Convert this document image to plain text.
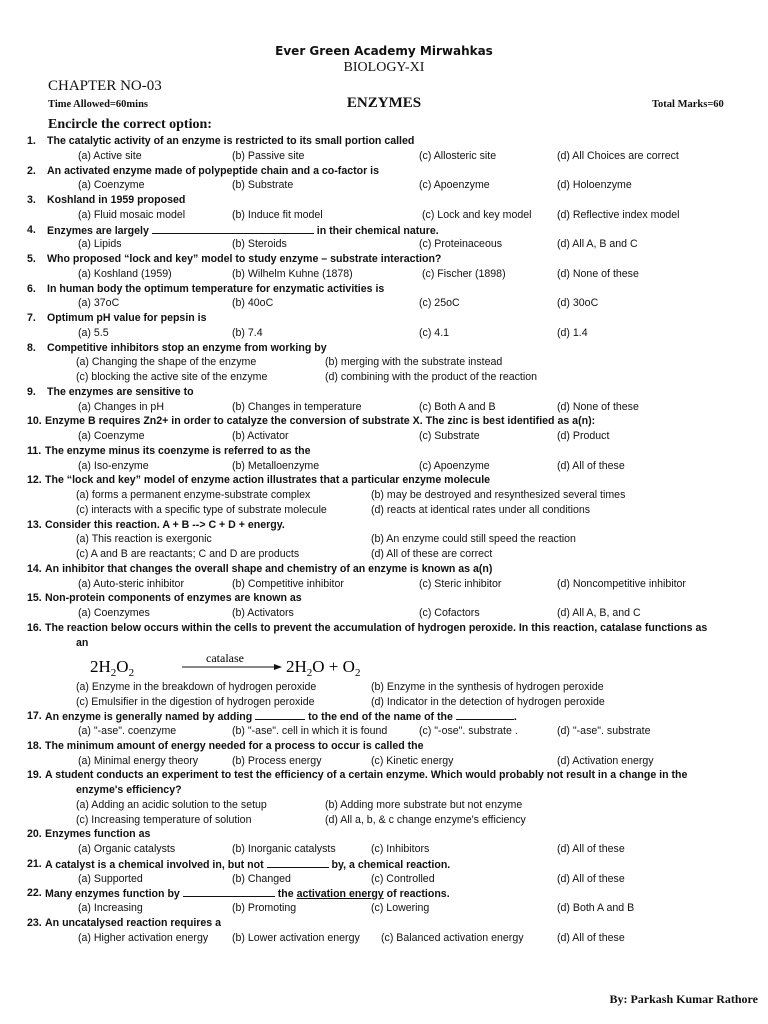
Ever Green Academy Mirwahkas
BIOLOGY-XI
CHAPTER NO-03
Time Allowed=60mins	ENZYMES	Total Marks=60
Encircle the correct option:
1. The catalytic activity of an enzyme is restricted to its small portion called
(a) Active site	(b) Passive site	(c) Allosteric site	(d) All Choices are correct
2. An activated enzyme made of polypeptide chain and a co-factor is
(a) Coenzyme	(b) Substrate	(c) Apoenzyme	(d) Holoenzyme
3. Koshland in 1959 proposed
(a) Fluid mosaic model	(b) Induce fit model	(c) Lock and key model (d) Reflective index model
4. Enzymes are largely	in their chemical nature.
(a) Lipids	(b) Steroids	(c) Proteinaceous	(d) All A, B and C
5. Who proposed “lock and key” model to study enzyme – substrate interaction?
(a) Koshland (1959)	(b) Wilhelm Kuhne (1878)	(c) Fischer (1898)	(d) None of these
6. In human body the optimum temperature for enzymatic activities is
(a) 37oC	(b) 40oC	(c) 25oC	(d) 30oC
7. Optimum pH value for pepsin is
(a) 5.5	(b) 7.4	(c) 4.1	(d) 1.4
8. Competitive inhibitors stop an enzyme from working by
(a) Changing the shape of the enzyme	(b) merging with the substrate instead
(c) blocking the active site of the enzyme	(d) combining with the product of the reaction
9. The enzymes are sensitive to
(a) Changes in pH	(b) Changes in temperature	(c) Both A and B	(d) None of these
10. Enzyme B requires Zn2+ in order to catalyze the conversion of substrate X. The zinc is best identified as a(n):
(a) Coenzyme	(b) Activator	(c) Substrate	(d) Product
11. The enzyme minus its coenzyme is referred to as the
(a) Iso-enzyme	(b) Metalloenzyme	(c) Apoenzyme	(d) All of these
12. The “lock and key” model of enzyme action illustrates that a particular enzyme molecule
(a) forms a permanent enzyme-substrate complex	(b) may be destroyed and resynthesized several times
(c) interacts with a specific type of substrate molecule	(d) reacts at identical rates under all conditions
13. Consider this reaction. A + B --> C + D + energy.
(a) This reaction is exergonic	(b) An enzyme could still speed the reaction
(c) A and B are reactants; C and D are products	(d) All of these are correct
14. An inhibitor that changes the overall shape and chemistry of an enzyme is known as a(n)
(a) Auto-steric inhibitor	(b) Competitive inhibitor	(c) Steric inhibitor	(d) Noncompetitive inhibitor
15. Non-protein components of enzymes are known as
(a) Coenzymes	(b) Activators	(c) Cofactors	(d) All A, B, and C
16. The reaction below occurs within the cells to prevent the accumulation of hydrogen peroxide. In this reaction, catalase functions as
an
$2H_2O_2$
catalase $2H_2O + O_2$
(a) Enzyme in the breakdown of hydrogen peroxide	(b) Enzyme in the synthesis of hydrogen peroxide
(c) Emulsifier in the digestion of hydrogen peroxide	(d) Indicator in the detection of hydrogen peroxide
17. An enzyme is generally named by adding	to the end of the name of the	.
(a) "-ase". coenzyme	(b) "-ase". cell in which it is found	(c) "-ose". substrate .	(d) "-ase". substrate
18. The minimum amount of energy needed for a process to occur is called the
(a) Minimal energy theory	(b) Process energy	(c) Kinetic energy	(d) Activation energy
19. A student conducts an experiment to test the efficiency of a certain enzyme. Which would probably not result in a change in the
enzyme's efficiency?
(a) Adding an acidic solution to the setup	(b) Adding more substrate but not enzyme
(c) Increasing temperature of solution	(d) All a, b, & c change enzyme's efficiency
20. Enzymes function as
(a) Organic catalysts	(b) Inorganic catalysts	(c) Inhibitors	(d) All of these
21. A catalyst is a chemical involved in, but not	by, a chemical reaction.
(a) Supported	(b) Changed	(c) Controlled	(d) All of these
22. Many enzymes function by	the activation energy of reactions.
(a) Increasing	(b) Promoting	(c) Lowering	(d) Both A and B
23. An uncatalysed reaction requires a
(a) Higher activation energy (b) Lower activation energy (c) Balanced activation energy	(d) All of these
By: Parkash Kumar Rathore
